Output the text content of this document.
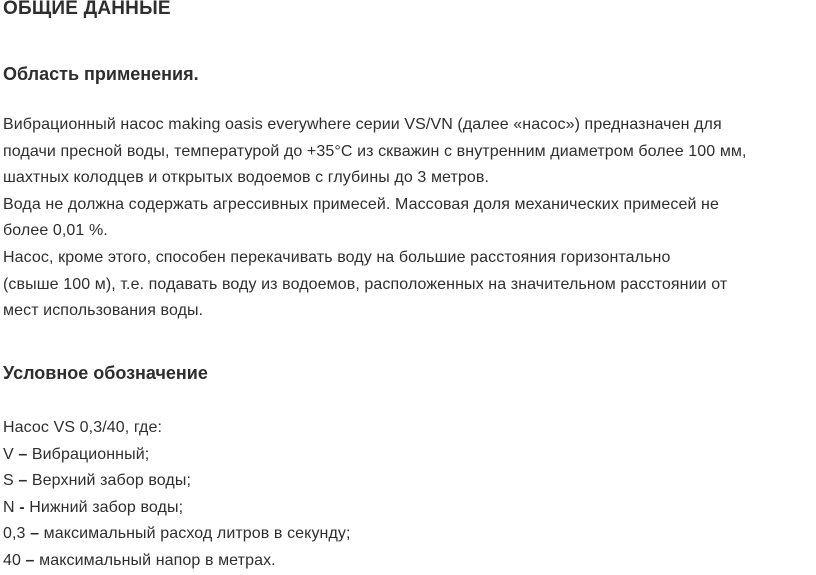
ОБЩИЕ ДАННЫЕ
Область применения.
Вибрационный насос making oasis everywhere серии VS/VN (далее «насос») предназначен для
подачи пресной воды, температурой до +35°С из скважин с внутренним диаметром более 100 мм,
шахтных колодцев и открытых водоемов с глубины до 3 метров.
Вода не должна содержать агрессивных примесей. Массовая доля механических примесей не
более 0,01 %.
Насос, кроме этого, способен перекачивать воду на большие расстояния горизонтально
(свыше 100 м), т.е. подавать воду из водоемов, расположенных на значительном расстоянии от
мест использования воды.
Условное обозначение
Насос VS 0,3/40, где:
V – Вибрационный;
S – Верхний забор воды;
N - Нижний забор воды;
0,3 – максимальный расход литров в секунду;
40 – максимальный напор в метрах.
